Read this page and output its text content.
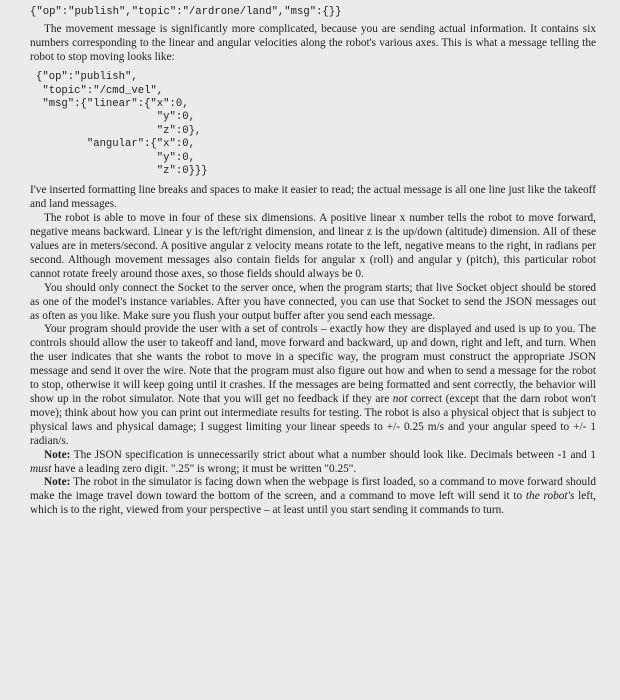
{"op":"publish","topic":"/ardrone/land","msg":{}}

The movement message is significantly more complicated, because you are sending actual information. It contains six numbers corresponding to the linear and angular velocities along the robot's various axes. This is what a message telling the robot to stop moving looks like:

{"op":"publish",
"topic":"/cmd_vel",
"msg":{"linear":{"x":0,
"y":0,
"z":0},
"angular":{"x":0,
"y":0,
"z":0}}}

I've inserted formatting line breaks and spaces to make it easier to read; the actual message is all one line just like the takeoff and land messages.

The robot is able to move in four of these six dimensions. A positive linear x number tells the robot to move forward, negative means backward. Linear y is the left/right dimension, and linear z is the up/down (altitude) dimension. All of these values are in meters/second. A positive angular z velocity means rotate to the left, negative means to the right, in radians per second. Although movement messages also contain fields for angular x (roll) and angular y (pitch), this particular robot cannot rotate freely around those axes, so those fields should always be 0.

You should only connect the Socket to the server once, when the program starts; that live Socket object should be stored as one of the model's instance variables. After you have connected, you can use that Socket to send the JSON messages out as often as you like. Make sure you flush your output buffer after you send each message.

Your program should provide the user with a set of controls – exactly how they are displayed and used is up to you. The controls should allow the user to takeoff and land, move forward and backward, up and down, right and left, and turn. When the user indicates that she wants the robot to move in a specific way, the program must construct the appropriate JSON message and send it over the wire. Note that the program must also figure out how and when to send a message for the robot to stop, otherwise it will keep going until it crashes. If the messages are being formatted and sent correctly, the behavior will show up in the robot simulator. Note that you will get no feedback if they are not correct (except that the darn robot won't move); think about how you can print out intermediate results for testing. The robot is also a physical object that is subject to physical laws and physical damage; I suggest limiting your linear speeds to +/- 0.25 m/s and your angular speed to +/- 1 radian/s.

Note: The JSON specification is unnecessarily strict about what a number should look like. Decimals between -1 and 1 must have a leading zero digit. ".25" is wrong; it must be written "0.25".

Note: The robot in the simulator is facing down when the webpage is first loaded, so a command to move forward should make the image travel down toward the bottom of the screen, and a command to move left will send it to the robot's left, which is to the right, viewed from your perspective – at least until you start sending it commands to turn.
